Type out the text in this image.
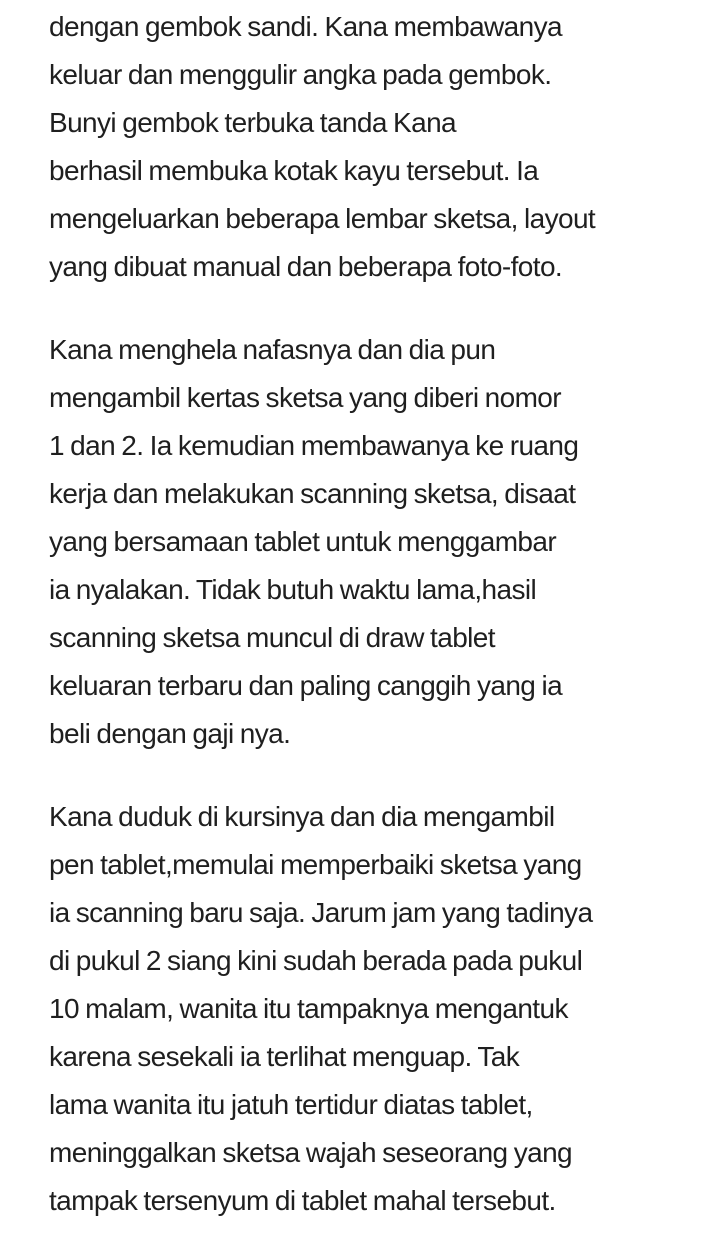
dengan gembok sandi. Kana membawanya
keluar dan menggulir angka pada gembok.
Bunyi gembok terbuka tanda Kana
berhasil membuka kotak kayu tersebut. Ia
mengeluarkan beberapa lembar sketsa, layout
yang dibuat manual dan beberapa foto-foto.

Kana menghela nafasnya dan dia pun
mengambil kertas sketsa yang diberi nomor
1 dan 2. Ia kemudian membawanya ke ruang
kerja dan melakukan scanning sketsa, disaat
yang bersamaan tablet untuk menggambar
ia nyalakan. Tidak butuh waktu lama,hasil
scanning sketsa muncul di draw tablet
keluaran terbaru dan paling canggih yang ia
beli dengan gaji nya.

Kana duduk di kursinya dan dia mengambil
pen tablet,memulai memperbaiki sketsa yang
ia scanning baru saja. Jarum jam yang tadinya
di pukul 2 siang kini sudah berada pada pukul
10 malam, wanita itu tampaknya mengantuk
karena sesekali ia terlihat menguap. Tak
lama wanita itu jatuh tertidur diatas tablet,
meninggalkan sketsa wajah seseorang yang
tampak tersenyum di tablet mahal tersebut.
